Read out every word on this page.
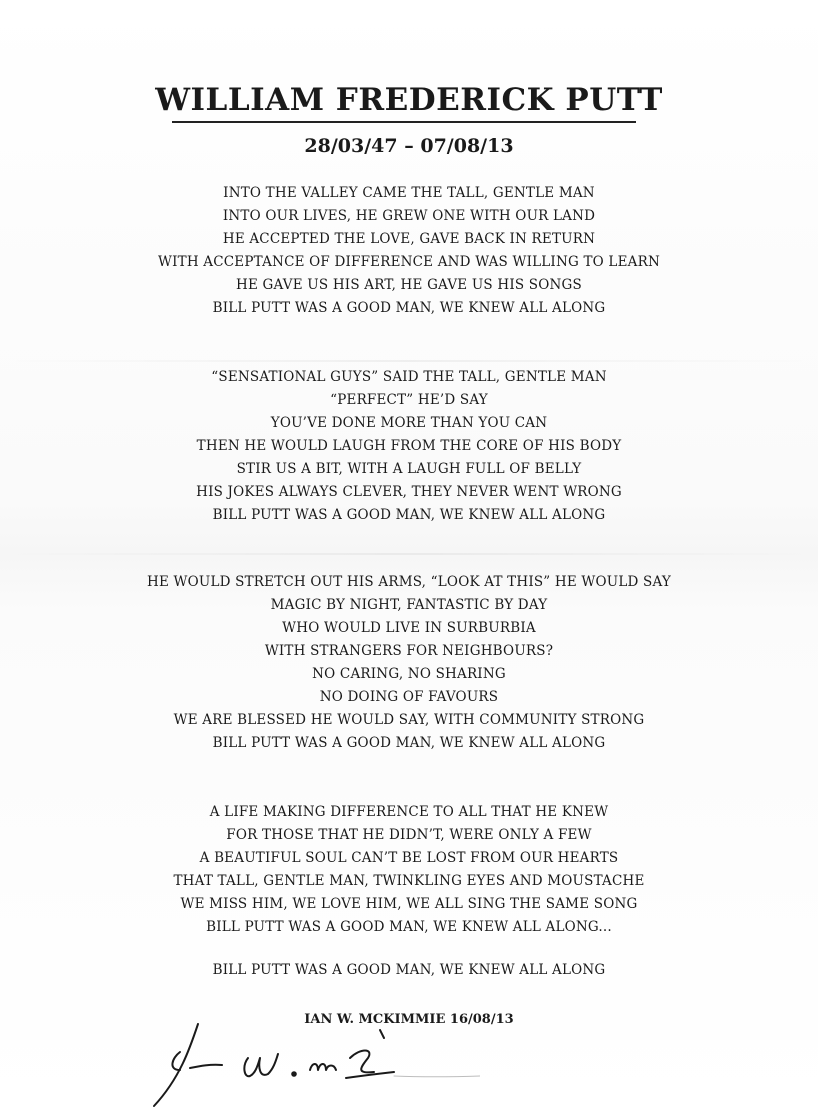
WILLIAM FREDERICK PUTT
28/03/47 – 07/08/13
INTO THE VALLEY CAME THE TALL, GENTLE MAN
INTO OUR LIVES, HE GREW ONE WITH OUR LAND
HE ACCEPTED THE LOVE, GAVE BACK IN RETURN
WITH ACCEPTANCE OF DIFFERENCE AND WAS WILLING TO LEARN
HE GAVE US HIS ART, HE GAVE US HIS SONGS
BILL PUTT WAS A GOOD MAN, WE KNEW ALL ALONG
“SENSATIONAL GUYS” SAID THE TALL, GENTLE MAN
“PERFECT” HE’D SAY
YOU’VE DONE MORE THAN YOU CAN
THEN HE WOULD LAUGH FROM THE CORE OF HIS BODY
STIR US A BIT, WITH A LAUGH FULL OF BELLY
HIS JOKES ALWAYS CLEVER, THEY NEVER WENT WRONG
BILL PUTT WAS A GOOD MAN, WE KNEW ALL ALONG
HE WOULD STRETCH OUT HIS ARMS, “LOOK AT THIS” HE WOULD SAY
MAGIC BY NIGHT, FANTASTIC BY DAY
WHO WOULD LIVE IN SURBURBIA
WITH STRANGERS FOR NEIGHBOURS?
NO CARING, NO SHARING
NO DOING OF FAVOURS
WE ARE BLESSED HE WOULD SAY, WITH COMMUNITY STRONG
BILL PUTT WAS A GOOD MAN, WE KNEW ALL ALONG
A LIFE MAKING DIFFERENCE TO ALL THAT HE KNEW
FOR THOSE THAT HE DIDN’T, WERE ONLY A FEW
A BEAUTIFUL SOUL CAN’T BE LOST FROM OUR HEARTS
THAT TALL, GENTLE MAN, TWINKLING EYES AND MOUSTACHE
WE MISS HIM, WE LOVE HIM, WE ALL SING THE SAME SONG
BILL PUTT WAS A GOOD MAN, WE KNEW ALL ALONG...
BILL PUTT WAS A GOOD MAN, WE KNEW ALL ALONG
IAN W. MCKIMMIE 16/08/13
